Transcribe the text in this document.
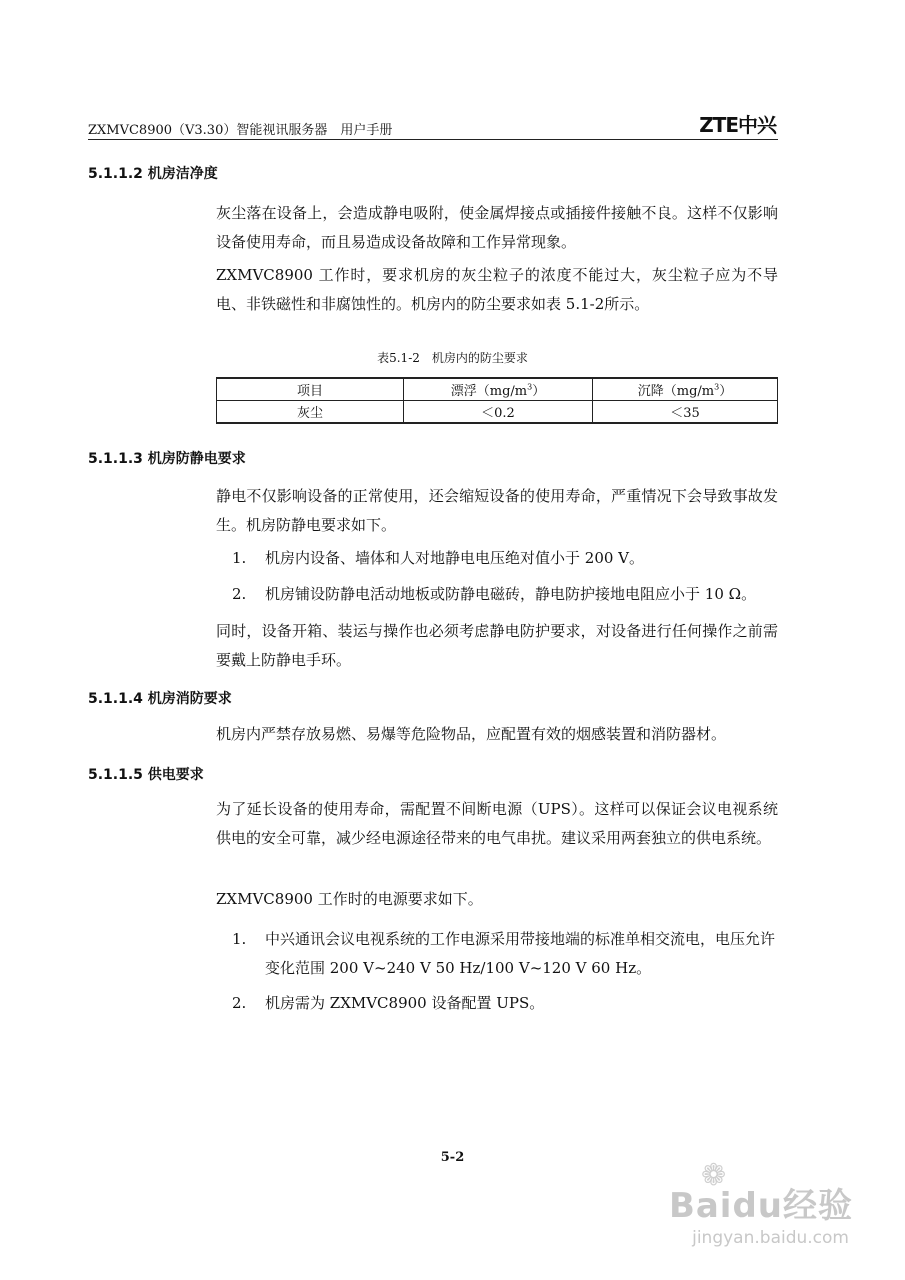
ZXMVC8900（V3.30）智能视讯服务器　用户手册	ZTE中兴
5.1.1.2 机房洁净度
灰尘落在设备上，会造成静电吸附，使金属焊接点或插接件接触不良。这样不仅影响设备使用寿命，而且易造成设备故障和工作异常现象。
ZXMVC8900 工作时，要求机房的灰尘粒子的浓度不能过大，灰尘粒子应为不导电、非铁磁性和非腐蚀性的。机房内的防尘要求如表 5.1-2所示。
表5.1-2　机房内的防尘要求
项目	漂浮$(mg/m^3)$	沉降$(mg/m^3)$
灰尘	＜0.2	＜35
5.1.1.3 机房防静电要求
静电不仅影响设备的正常使用，还会缩短设备的使用寿命，严重情况下会导致事故发生。机房防静电要求如下。
1. 机房内设备、墙体和人对地静电电压绝对值小于 200 V。
2. 机房铺设防静电活动地板或防静电磁砖，静电防护接地电阻应小于 10 Ω。
同时，设备开箱、装运与操作也必须考虑静电防护要求，对设备进行任何操作之前需要戴上防静电手环。
5.1.1.4 机房消防要求
机房内严禁存放易燃、易爆等危险物品，应配置有效的烟感装置和消防器材。
5.1.1.5 供电要求
为了延长设备的使用寿命，需配置不间断电源（UPS）。这样可以保证会议电视系统供电的安全可靠，减少经电源途径带来的电气串扰。建议采用两套独立的供电系统。
ZXMVC8900 工作时的电源要求如下。
1. 中兴通讯会议电视系统的工作电源采用带接地端的标准单相交流电，电压允许变化范围 200 V~240 V 50 Hz/100 V~120 V 60 Hz。
2. 机房需为 ZXMVC8900 设备配置 UPS。
5-2
❁
Baidu经验
jingyan.baidu.com
